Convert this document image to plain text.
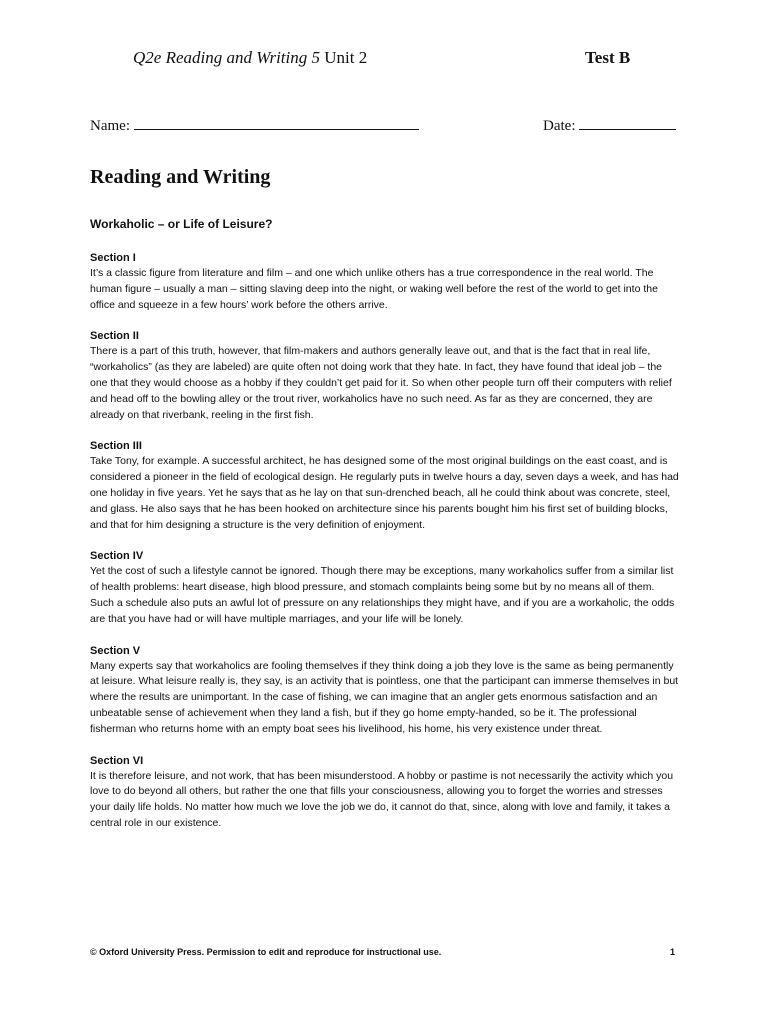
Q2e Reading and Writing 5 Unit 2	Test B
Name:	Date:
Reading and Writing
Workaholic – or Life of Leisure?
Section I

It’s a classic figure from literature and film – and one which unlike others has a true correspondence in the real world. The human figure – usually a man – sitting slaving deep into the night, or waking well before the rest of the world to get into the office and squeeze in a few hours’ work before the others arrive.

Section II

There is a part of this truth, however, that film-makers and authors generally leave out, and that is the fact that in real life, “workaholics” (as they are labeled) are quite often not doing work that they hate. In fact, they have found that ideal job – the one that they would choose as a hobby if they couldn’t get paid for it. So when other people turn off their computers with relief and head off to the bowling alley or the trout river, workaholics have no such need. As far as they are concerned, they are already on that riverbank, reeling in the first fish.

Section III

Take Tony, for example. A successful architect, he has designed some of the most original buildings on the east coast, and is considered a pioneer in the field of ecological design. He regularly puts in twelve hours a day, seven days a week, and has had one holiday in five years. Yet he says that as he lay on that sun-drenched beach, all he could think about was concrete, steel, and glass. He also says that he has been hooked on architecture since his parents bought him his first set of building blocks, and that for him designing a structure is the very definition of enjoyment.

Section IV

Yet the cost of such a lifestyle cannot be ignored. Though there may be exceptions, many workaholics suffer from a similar list of health problems: heart disease, high blood pressure, and stomach complaints being some but by no means all of them. Such a schedule also puts an awful lot of pressure on any relationships they might have, and if you are a workaholic, the odds are that you have had or will have multiple marriages, and your life will be lonely.

Section V

Many experts say that workaholics are fooling themselves if they think doing a job they love is the same as being permanently at leisure. What leisure really is, they say, is an activity that is pointless, one that the participant can immerse themselves in but where the results are unimportant. In the case of fishing, we can imagine that an angler gets enormous satisfaction and an unbeatable sense of achievement when they land a fish, but if they go home empty-handed, so be it. The professional fisherman who returns home with an empty boat sees his livelihood, his home, his very existence under threat.

Section VI

It is therefore leisure, and not work, that has been misunderstood. A hobby or pastime is not necessarily the activity which you love to do beyond all others, but rather the one that fills your consciousness, allowing you to forget the worries and stresses your daily life holds. No matter how much we love the job we do, it cannot do that, since, along with love and family, it takes a central role in our existence.

© Oxford University Press. Permission to edit and reproduce for instructional use.	1
